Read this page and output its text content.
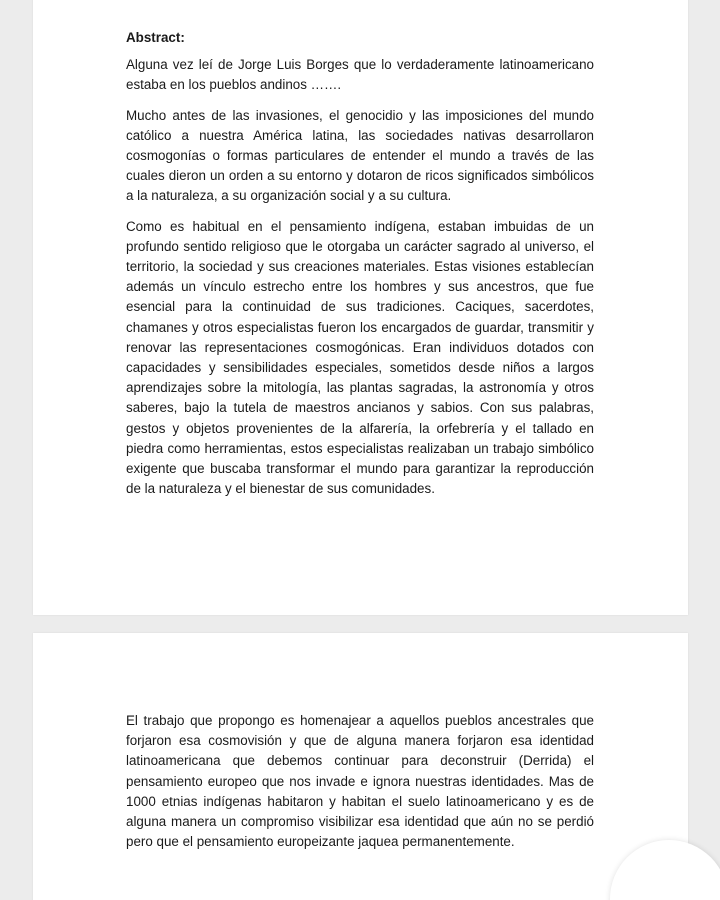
Abstract:

Alguna vez leí de Jorge Luis Borges que lo verdaderamente latinoamericano estaba en los pueblos andinos …….

Mucho antes de las invasiones, el genocidio y las imposiciones del mundo católico a nuestra América latina, las sociedades nativas desarrollaron cosmogonías o formas particulares de entender el mundo a través de las cuales dieron un orden a su entorno y dotaron de ricos significados simbólicos a la naturaleza, a su organización social y a su cultura.

Como es habitual en el pensamiento indígena, estaban imbuidas de un profundo sentido religioso que le otorgaba un carácter sagrado al universo, el territorio, la sociedad y sus creaciones materiales. Estas visiones establecían además un vínculo estrecho entre los hombres y sus ancestros, que fue esencial para la continuidad de sus tradiciones. Caciques, sacerdotes, chamanes y otros especialistas fueron los encargados de guardar, transmitir y renovar las representaciones cosmogónicas. Eran individuos dotados con capacidades y sensibilidades especiales, sometidos desde niños a largos aprendizajes sobre la mitología, las plantas sagradas, la astronomía y otros saberes, bajo la tutela de maestros ancianos y sabios. Con sus palabras, gestos y objetos provenientes de la alfarería, la orfebrería y el tallado en piedra como herramientas, estos especialistas realizaban un trabajo simbólico exigente que buscaba transformar el mundo para garantizar la reproducción de la naturaleza y el bienestar de sus comunidades.

El trabajo que propongo es homenajear a aquellos pueblos ancestrales que forjaron esa cosmovisión y que de alguna manera forjaron esa identidad latinoamericana que debemos continuar para deconstruir (Derrida) el pensamiento europeo que nos invade e ignora nuestras identidades. Mas de 1000 etnias indígenas habitaron y habitan el suelo latinoamericano y es de alguna manera un compromiso visibilizar esa identidad que aún no se perdió pero que el pensamiento europeizante jaquea permanentemente.
